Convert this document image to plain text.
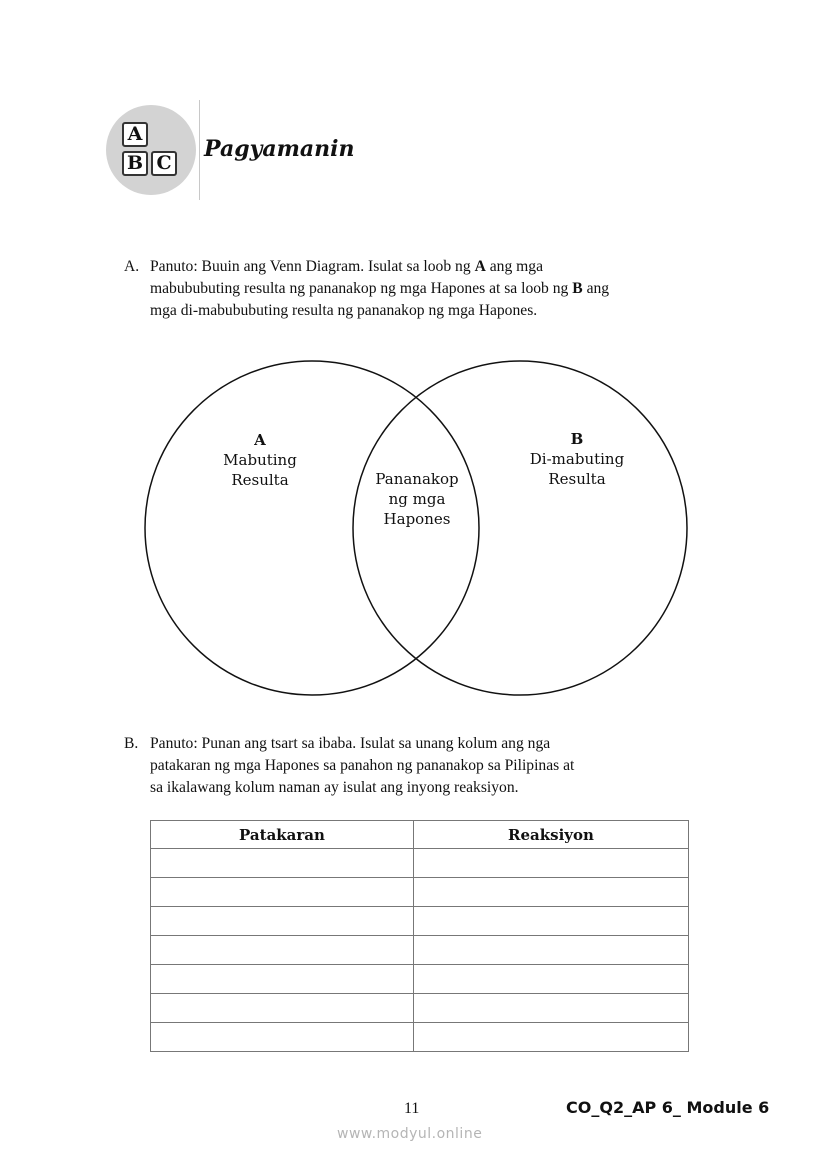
A
B C
Pagyamanin
A. Panuto: Buuin ang Venn Diagram. Isulat sa loob ng A ang mga
mabububuting resulta ng pananakop ng mga Hapones at sa loob ng B ang
mga di-mabububuting resulta ng pananakop ng mga Hapones.
A
Mabuting
Resulta	Pananakop
ng mga
Hapones
B
Di-mabuting
Resulta
B. Panuto: Punan ang tsart sa ibaba. Isulat sa unang kolum ang nga
patakaran ng mga Hapones sa panahon ng pananakop sa Pilipinas at
sa ikalawang kolum naman ay isulat ang inyong reaksiyon.
Patakaran	Reaksiyon

11	CO_Q2_AP 6_ Module 6
www.modyul.online
